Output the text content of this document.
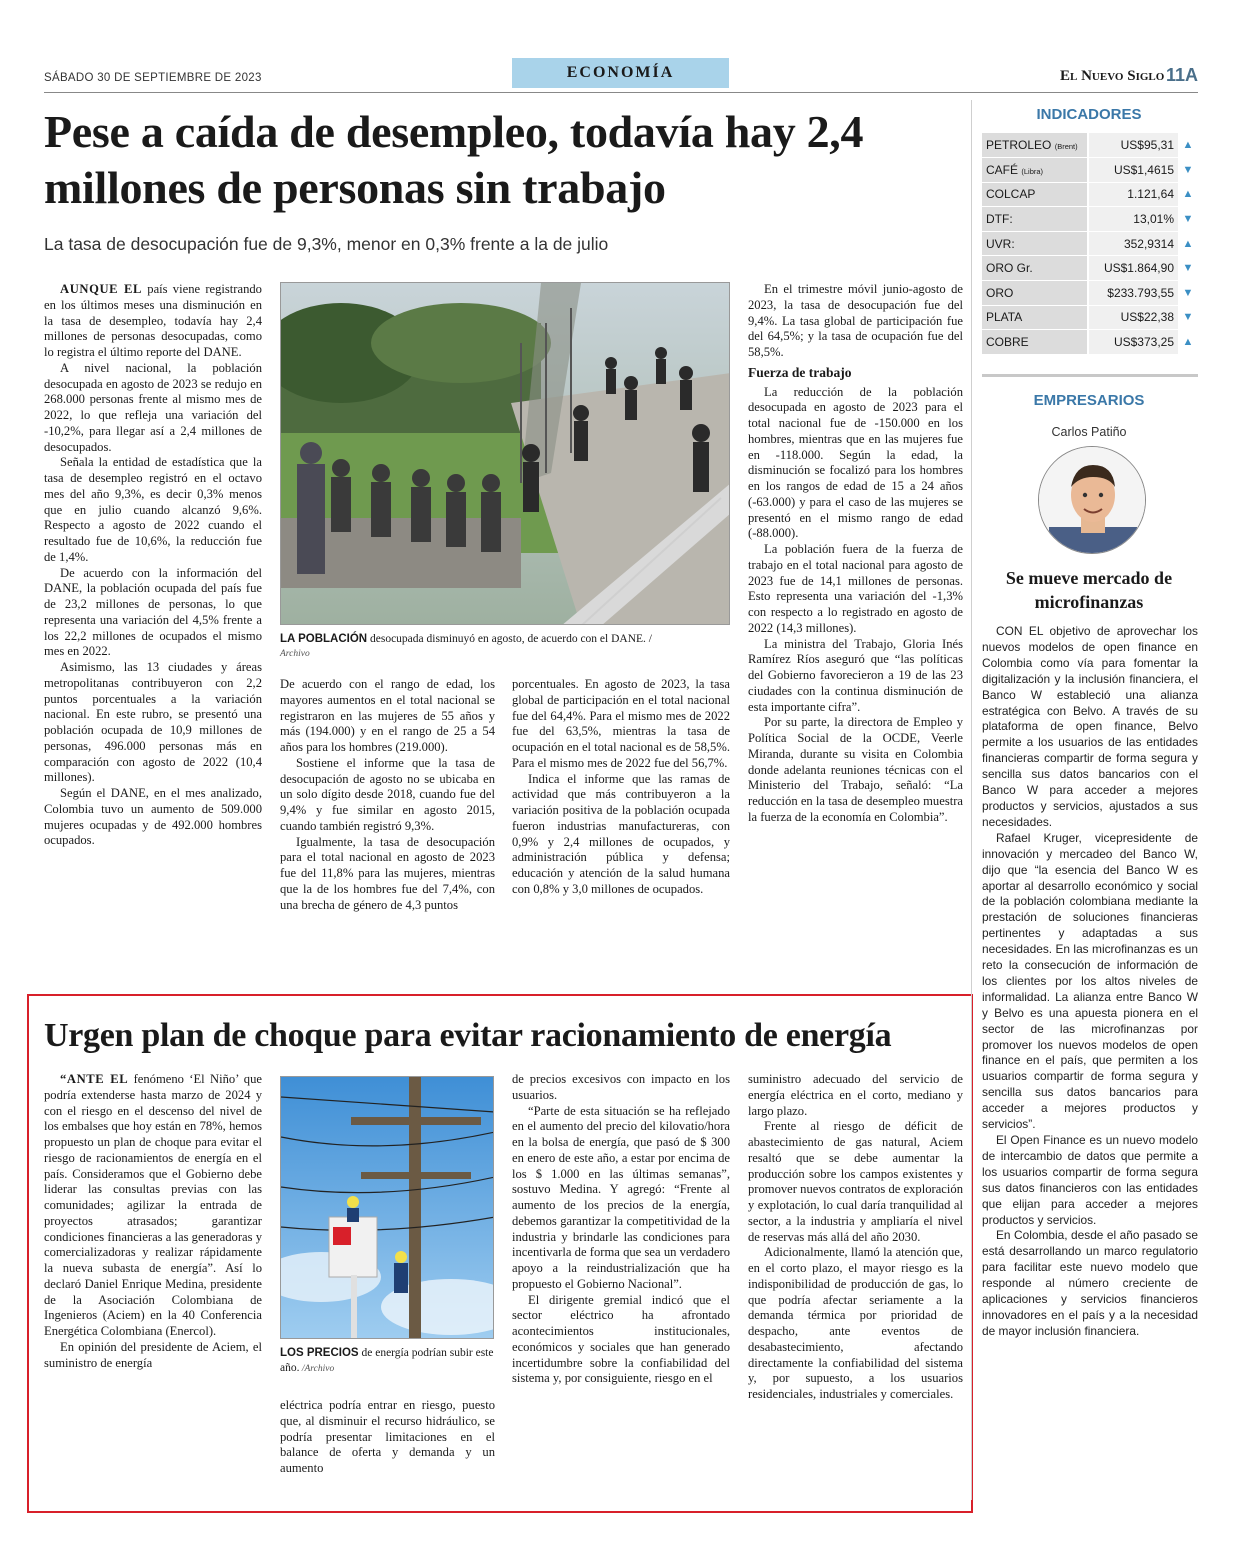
SÁBADO 30 DE SEPTIEMBRE DE 2023	ECONOMÍA	El Nuevo Siglo 11A
Pese a caída de desempleo, todavía hay 2,4 millones de personas sin trabajo
La tasa de desocupación fue de 9,3%, menor en 0,3% frente a la de julio

AUNQUE EL país viene registrando en los últimos meses una disminución en la tasa de desempleo, todavía hay 2,4 millones de personas desocupadas, como lo registra el último reporte del DANE.

A nivel nacional, la población desocupada en agosto de 2023 se redujo en 268.000 personas frente al mismo mes de 2022, lo que refleja una variación del -10,2%, para llegar así a 2,4 millones de desocupados.

Señala la entidad de estadística que la tasa de desempleo registró en el octavo mes del año 9,3%, es decir 0,3% menos que en julio cuando alcanzó 9,6%. Respecto a agosto de 2022 cuando el resultado fue de 10,6%, la reducción fue de 1,4%.

De acuerdo con la información del DANE, la población ocupada del país fue de 23,2 millones de personas, lo que representa una variación del 4,5% frente a los 22,2 millones de ocupados el mismo mes en 2022.

Asimismo, las 13 ciudades y áreas metropolitanas contribuyeron con 2,2 puntos porcentuales a la variación nacional. En este rubro, se presentó una población ocupada de 10,9 millones de personas, 496.000 personas más en comparación con agosto de 2022 (10,4 millones).

Según el DANE, en el mes analizado, Colombia tuvo un aumento de 509.000 mujeres ocupadas y de 492.000 hombres ocupados.

LA POBLACIÓN desocupada disminuyó en agosto, de acuerdo con el DANE. /
Archivo

De acuerdo con el rango de edad, los mayores aumentos en el total nacional se registraron en las mujeres de 55 años y más (194.000) y en el rango de 25 a 54 años para los hombres (219.000).

Sostiene el informe que la tasa de desocupación de agosto no se ubicaba en un solo dígito desde 2018, cuando fue del 9,4% y fue similar en agosto 2015, cuando también registró 9,3%.

Igualmente, la tasa de desocupación para el total nacional en agosto de 2023 fue del 11,8% para las mujeres, mientras que la de los hombres fue del 7,4%, con una brecha de género de 4,3 puntos

porcentuales. En agosto de 2023, la tasa global de participación en el total nacional fue del 64,4%. Para el mismo mes de 2022 fue del 63,5%, mientras la tasa de ocupación en el total nacional es de 58,5%. Para el mismo mes de 2022 fue del 56,7%.

Indica el informe que las ramas de actividad que más contribuyeron a la variación positiva de la población ocupada fueron industrias manufactureras, con 0,9% y 2,4 millones de ocupados, y administración pública y defensa; educación y atención de la salud humana con 0,8% y 3,0 millones de ocupados.

En el trimestre móvil junio-agosto de 2023, la tasa de desocupación fue del 9,4%. La tasa global de participación fue del 64,5%; y la tasa de ocupación fue del 58,5%.

Fuerza de trabajo

La reducción de la población desocupada en agosto de 2023 para el total nacional fue de -150.000 en los hombres, mientras que en las mujeres fue en -118.000. Según la edad, la disminución se focalizó para los hombres en los rangos de edad de 15 a 24 años (-63.000) y para el caso de las mujeres se presentó en el mismo rango de edad (-88.000).

La población fuera de la fuerza de trabajo en el total nacional para agosto de 2023 fue de 14,1 millones de personas. Esto representa una variación del -1,3% con respecto a lo registrado en agosto de 2022 (14,3 millones).

La ministra del Trabajo, Gloria Inés Ramírez Ríos aseguró que “las políticas del Gobierno favorecieron a 19 de las 23 ciudades con la continua disminución de esta importante cifra”.

Por su parte, la directora de Empleo y Política Social de la OCDE, Veerle Miranda, durante su visita en Colombia donde adelanta reuniones técnicas con el Ministerio del Trabajo, señaló: “La reducción en la tasa de desempleo muestra la fuerza de la economía en Colombia”.

Urgen plan de choque para evitar racionamiento de energía

“ANTE EL fenómeno ‘El Niño’ que podría extenderse hasta marzo de 2024 y con el riesgo en el descenso del nivel de los embalses que hoy están en 78%, hemos propuesto un plan de choque para evitar el riesgo de racionamientos de energía en el país. Consideramos que el Gobierno debe liderar las consultas previas con las comunidades; agilizar la entrada de proyectos atrasados; garantizar condiciones financieras a las generadoras y comercializadoras y realizar rápidamente la nueva subasta de energía”. Así lo declaró Daniel Enrique Medina, presidente de la Asociación Colombiana de Ingenieros (Aciem) en la 40 Conferencia Energética Colombiana (Enercol).

En opinión del presidente de Aciem, el suministro de energía

LOS PRECIOS de energía podrían subir este año. /Archivo

eléctrica podría entrar en riesgo, puesto que, al disminuir el recurso hidráulico, se podría presentar limitaciones en el balance de oferta y demanda y un aumento

de precios excesivos con impacto en los usuarios.

“Parte de esta situación se ha reflejado en el aumento del precio del kilovatio/hora en la bolsa de energía, que pasó de $ 300 en enero de este año, a estar por encima de los $ 1.000 en las últimas semanas”, sostuvo Medina. Y agregó: “Frente al aumento de los precios de la energía, debemos garantizar la competitividad de la industria y brindarle las condiciones para incentivarla de forma que sea un verdadero apoyo a la reindustrialización que ha propuesto el Gobierno Nacional”.

El dirigente gremial indicó que el sector eléctrico ha afrontado acontecimientos institucionales, económicos y sociales que han generado incertidumbre sobre la confiabilidad del sistema y, por consiguiente, riesgo en el

suministro adecuado del servicio de energía eléctrica en el corto, mediano y largo plazo.

Frente al riesgo de déficit de abastecimiento de gas natural, Aciem resaltó que se debe aumentar la producción sobre los campos existentes y promover nuevos contratos de exploración y explotación, lo cual daría tranquilidad al sector, a la industria y ampliaría el nivel de reservas más allá del año 2030.

Adicionalmente, llamó la atención que, en el corto plazo, el mayor riesgo es la indisponibilidad de producción de gas, lo que podría afectar seriamente a la demanda térmica por prioridad de despacho, ante eventos de desabastecimiento, afectando directamente la confiabilidad del sistema y, por supuesto, a los usuarios residenciales, industriales y comerciales.

INDICADORES
PETROLEO (Brent)	US$95,31	▲
CAFÉ (Libra)	US$1,4615	▼
COLCAP	1.121,64	▲
DTF:	13,01%	▼
UVR:	352,9314	▲
ORO Gr.	US$1.864,90	▼
ORO	$233.793,55	▼
PLATA	US$22,38	▼
COBRE	US$373,25	▲
EMPRESARIOS
Carlos Patiño
Se mueve mercado de microfinanzas

CON EL objetivo de aprovechar los nuevos modelos de open finance en Colombia como vía para fomentar la digitalización y la inclusión financiera, el Banco W estableció una alianza estratégica con Belvo. A través de su plataforma de open finance, Belvo permite a los usuarios de las entidades financieras compartir de forma segura y sencilla sus datos bancarios con el Banco W para acceder a mejores productos y servicios, ajustados a sus necesidades.

Rafael Kruger, vicepresidente de innovación y mercadeo del Banco W, dijo que “la esencia del Banco W es aportar al desarrollo económico y social de la población colombiana mediante la prestación de soluciones financieras pertinentes y adaptadas a sus necesidades. En las microfinanzas es un reto la consecución de información de los clientes por los altos niveles de informalidad. La alianza entre Banco W y Belvo es una apuesta pionera en el sector de las microfinanzas por promover los nuevos modelos de open finance en el país, que permiten a los usuarios compartir de forma segura y sencilla sus datos bancarios para acceder a mejores productos y servicios”.

El Open Finance es un nuevo modelo de intercambio de datos que permite a los usuarios compartir de forma segura sus datos financieros con las entidades que elijan para acceder a mejores productos y servicios.

En Colombia, desde el año pasado se está desarrollando un marco regulatorio para facilitar este nuevo modelo que responde al número creciente de aplicaciones y servicios financieros innovadores en el país y a la necesidad de mayor inclusión financiera.
